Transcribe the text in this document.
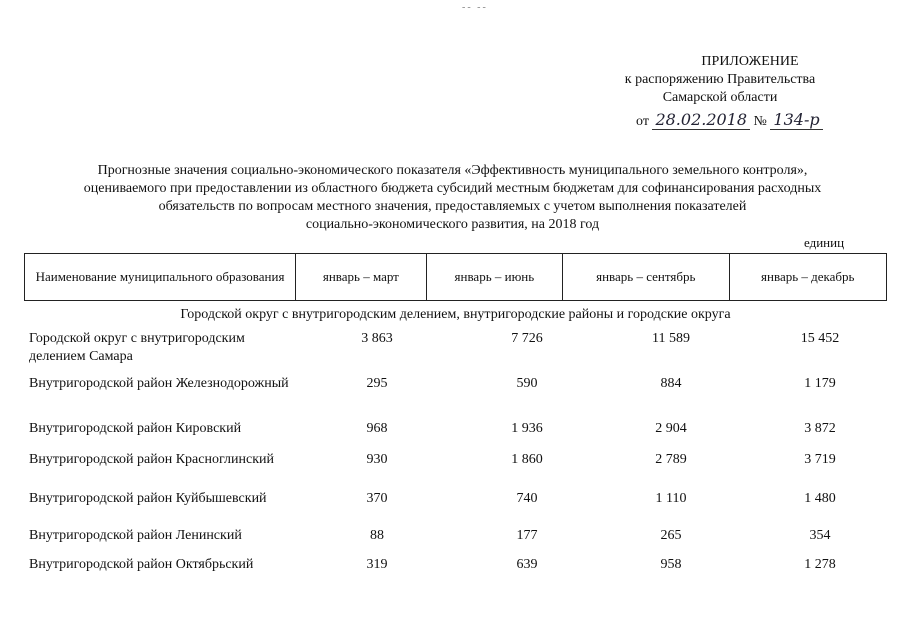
-- --
ПРИЛОЖЕНИЕ
к распоряжению Правительства
Самарской области
от 28.02.2018 № 134-р
Прогнозные значения социально-экономического показателя «Эффективность муниципального земельного контроля»,
оцениваемого при предоставлении из областного бюджета субсидий местным бюджетам для софинансирования расходных
обязательств по вопросам местного значения, предоставляемых с учетом выполнения показателей
социально-экономического развития, на 2018 год
единиц
Наименование муниципального образования	январь – март	январь – июнь	январь – сентябрь	январь – декабрь
Городской округ с внутригородским делением, внутригородские районы и городские округа
Городской округ с внутригородским делением Самара
3 863	7 726	11 589	15 452
Внутригородской район Железнодорожный	295	590	884	1 179
Внутригородской район Кировский	968	1 936	2 904	3 872
Внутригородской район Красноглинский	930	1 860	2 789	3 719
Внутригородской район Куйбышевский	370	740	1 110	1 480
Внутригородской район Ленинский	88	177	265	354
Внутригородской район Октябрьский	319	639	958	1 278
